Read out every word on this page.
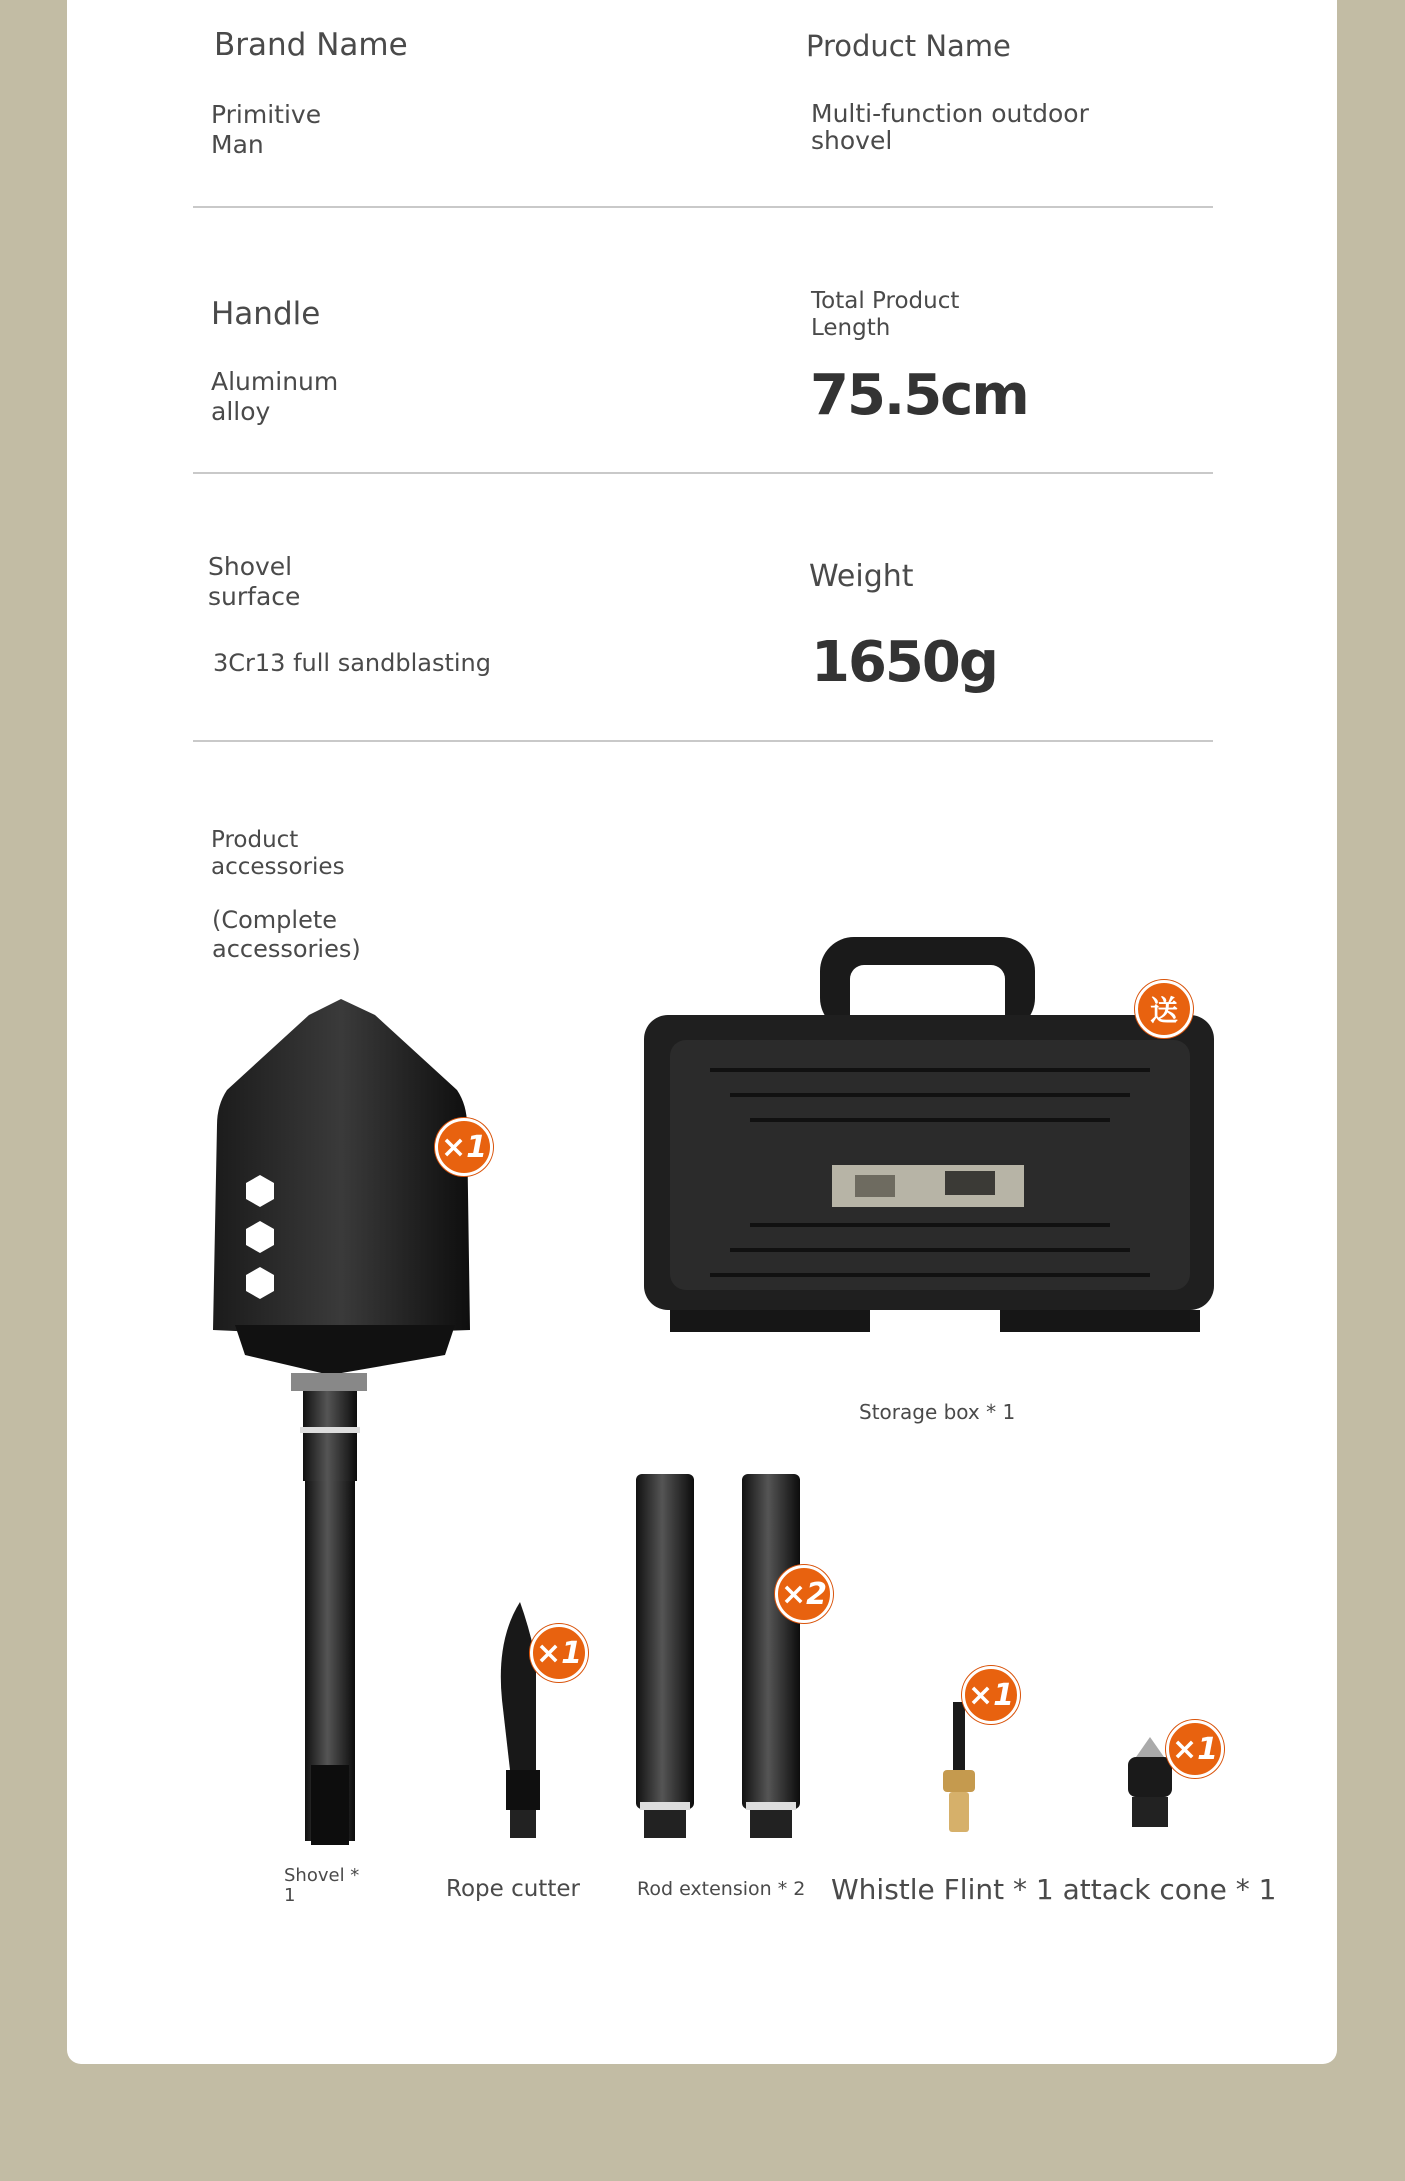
Brand Name
Primitive
Man
Product Name
Multi-function outdoor
shovel
Handle
Aluminum
alloy
Total Product
Length
75.5cm
Shovel
surface
3Cr13 full sandblasting
Weight
1650g
Product
accessories
(Complete
accessories)
×1
送
Storage box * 1
×1
×2
×1
×1
Shovel *
1	Rope cutter	Rod extension * 2 Whistle Flint * 1 attack cone * 1
